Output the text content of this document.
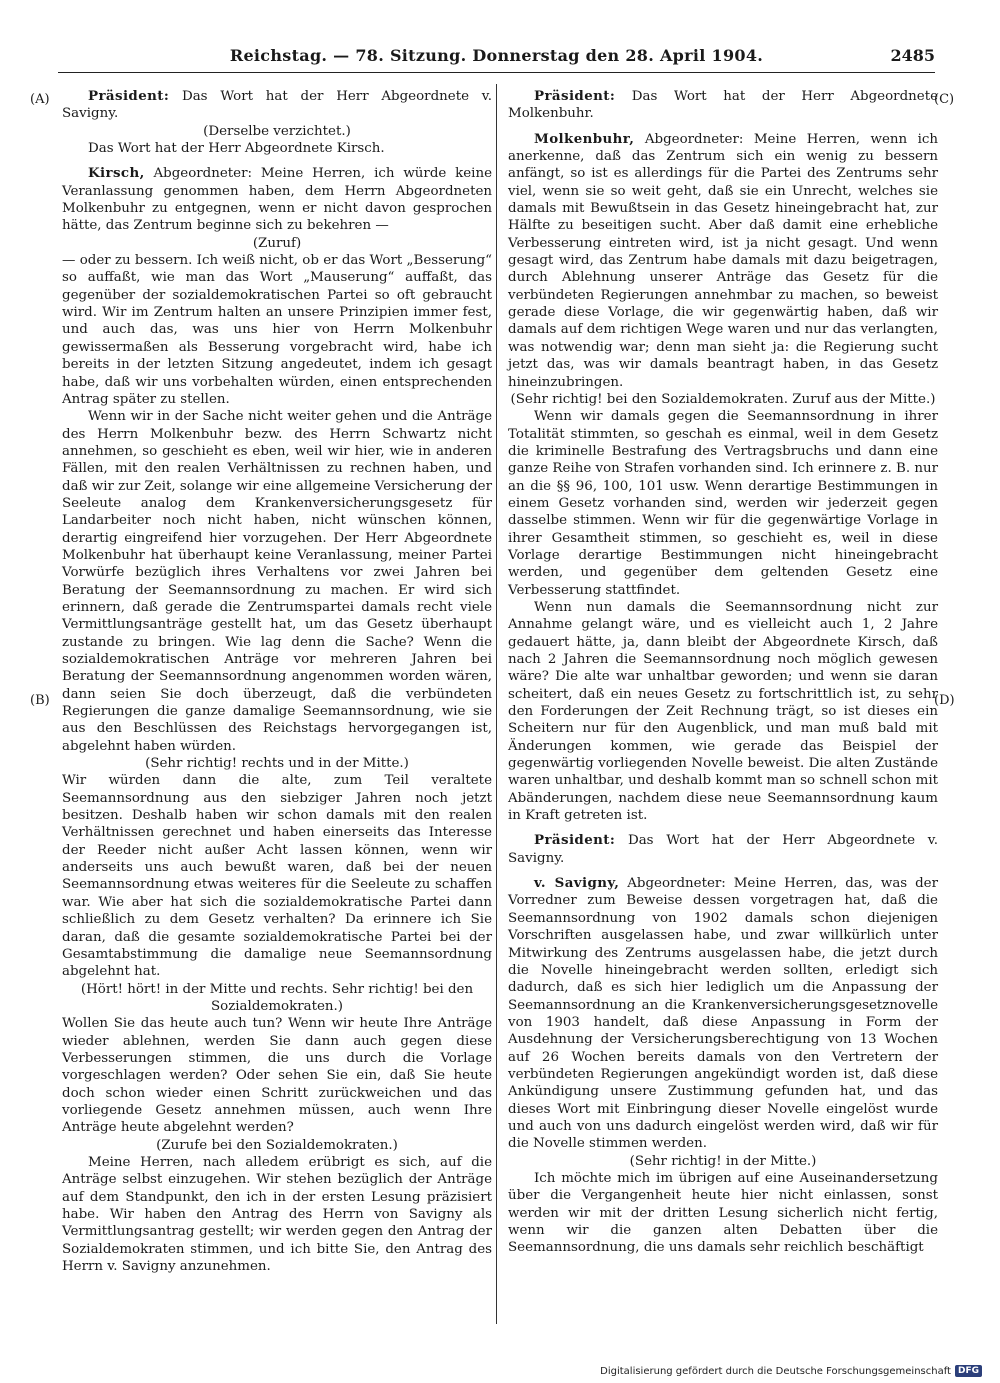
Reichstag. — 78. Sitzung. Donnerstag den 28. April 1904.	2485
(A)
(B)
(C)
(D)

Präsident: Das Wort hat der Herr Abgeordnete v. Savigny.

(Derselbe verzichtet.)

Das Wort hat der Herr Abgeordnete Kirsch.

Kirsch, Abgeordneter: Meine Herren, ich würde keine Veranlassung genommen haben, dem Herrn Abgeordneten Molkenbuhr zu entgegnen, wenn er nicht davon gesprochen hätte, das Zentrum beginne sich zu bekehren —

(Zuruf)

— oder zu bessern. Ich weiß nicht, ob er das Wort „Besserung“ so auffaßt, wie man das Wort „Mauserung“ auffaßt, das gegenüber der sozialdemokratischen Partei so oft gebraucht wird. Wir im Zentrum halten an unsere Prinzipien immer fest, und auch das, was uns hier von Herrn Molkenbuhr gewissermaßen als Besserung vorgebracht wird, habe ich bereits in der letzten Sitzung angedeutet, indem ich gesagt habe, daß wir uns vorbehalten würden, einen entsprechenden Antrag später zu stellen.

Wenn wir in der Sache nicht weiter gehen und die Anträge des Herrn Molkenbuhr bezw. des Herrn Schwartz nicht annehmen, so geschieht es eben, weil wir hier, wie in anderen Fällen, mit den realen Verhältnissen zu rechnen haben, und daß wir zur Zeit, solange wir eine allgemeine Versicherung der Seeleute analog dem Krankenversicherungsgesetz für Landarbeiter noch nicht haben, nicht wünschen können, derartig eingreifend hier vorzugehen. Der Herr Abgeordnete Molkenbuhr hat überhaupt keine Veranlassung, meiner Partei Vorwürfe bezüglich ihres Verhaltens vor zwei Jahren bei Beratung der Seemannsordnung zu machen. Er wird sich erinnern, daß gerade die Zentrumspartei damals recht viele Vermittlungsanträge gestellt hat, um das Gesetz überhaupt zustande zu bringen. Wie lag denn die Sache? Wenn die sozialdemokratischen Anträge vor mehreren Jahren bei Beratung der Seemannsordnung angenommen worden wären, dann seien Sie doch überzeugt, daß die verbündeten Regierungen die ganze damalige Seemannsordnung, wie sie aus den Beschlüssen des Reichstags hervorgegangen ist, abgelehnt haben würden.

(Sehr richtig! rechts und in der Mitte.)

Wir würden dann die alte, zum Teil veraltete Seemannsordnung aus den siebziger Jahren noch jetzt besitzen. Deshalb haben wir schon damals mit den realen Verhältnissen gerechnet und haben einerseits das Interesse der Reeder nicht außer Acht lassen können, wenn wir anderseits uns auch bewußt waren, daß bei der neuen Seemannsordnung etwas weiteres für die Seeleute zu schaffen war. Wie aber hat sich die sozialdemokratische Partei dann schließlich zu dem Gesetz verhalten? Da erinnere ich Sie daran, daß die gesamte sozialdemokratische Partei bei der Gesamtabstimmung die damalige neue Seemannsordnung abgelehnt hat.

(Hört! hört! in der Mitte und rechts. Sehr richtig! bei den Sozialdemokraten.)

Wollen Sie das heute auch tun? Wenn wir heute Ihre Anträge wieder ablehnen, werden Sie dann auch gegen diese Verbesserungen stimmen, die uns durch die Vorlage vorgeschlagen werden? Oder sehen Sie ein, daß Sie heute doch schon wieder einen Schritt zurückweichen und das vorliegende Gesetz annehmen müssen, auch wenn Ihre Anträge heute abgelehnt werden?

(Zurufe bei den Sozialdemokraten.)

Meine Herren, nach alledem erübrigt es sich, auf die Anträge selbst einzugehen. Wir stehen bezüglich der Anträge auf dem Standpunkt, den ich in der ersten Lesung präzisiert habe. Wir haben den Antrag des Herrn von Savigny als Vermittlungsantrag gestellt; wir werden gegen den Antrag der Sozialdemokraten stimmen, und ich bitte Sie, den Antrag des Herrn v. Savigny anzunehmen.

Präsident: Das Wort hat der Herr Abgeordnete Molkenbuhr.

Molkenbuhr, Abgeordneter: Meine Herren, wenn ich anerkenne, daß das Zentrum sich ein wenig zu bessern anfängt, so ist es allerdings für die Partei des Zentrums sehr viel, wenn sie so weit geht, daß sie ein Unrecht, welches sie damals mit Bewußtsein in das Gesetz hineingebracht hat, zur Hälfte zu beseitigen sucht. Aber daß damit eine erhebliche Verbesserung eintreten wird, ist ja nicht gesagt. Und wenn gesagt wird, das Zentrum habe damals mit dazu beigetragen, durch Ablehnung unserer Anträge das Gesetz für die verbündeten Regierungen annehmbar zu machen, so beweist gerade diese Vorlage, die wir gegenwärtig haben, daß wir damals auf dem richtigen Wege waren und nur das verlangten, was notwendig war; denn man sieht ja: die Regierung sucht jetzt das, was wir damals beantragt haben, in das Gesetz hineinzubringen.

(Sehr richtig! bei den Sozialdemokraten. Zuruf aus der Mitte.)

Wenn wir damals gegen die Seemannsordnung in ihrer Totalität stimmten, so geschah es einmal, weil in dem Gesetz die kriminelle Bestrafung des Vertragsbruchs und dann eine ganze Reihe von Strafen vorhanden sind. Ich erinnere z. B. nur an die §§ 96, 100, 101 usw. Wenn derartige Bestimmungen in einem Gesetz vorhanden sind, werden wir jederzeit gegen dasselbe stimmen. Wenn wir für die gegenwärtige Vorlage in ihrer Gesamtheit stimmen, so geschieht es, weil in diese Vorlage derartige Bestimmungen nicht hineingebracht werden, und gegenüber dem geltenden Gesetz eine Verbesserung stattfindet.

Wenn nun damals die Seemannsordnung nicht zur Annahme gelangt wäre, und es vielleicht auch 1, 2 Jahre gedauert hätte, ja, dann bleibt der Abgeordnete Kirsch, daß nach 2 Jahren die Seemannsordnung noch möglich gewesen wäre? Die alte war unhaltbar geworden; und wenn sie daran scheitert, daß ein neues Gesetz zu fortschrittlich ist, zu sehr den Forderungen der Zeit Rechnung trägt, so ist dieses ein Scheitern nur für den Augenblick, und man muß bald mit Änderungen kommen, wie gerade das Beispiel der gegenwärtig vorliegenden Novelle beweist. Die alten Zustände waren unhaltbar, und deshalb kommt man so schnell schon mit Abänderungen, nachdem diese neue Seemannsordnung kaum in Kraft getreten ist.

Präsident: Das Wort hat der Herr Abgeordnete v. Savigny.

v. Savigny, Abgeordneter: Meine Herren, das, was der Vorredner zum Beweise dessen vorgetragen hat, daß die Seemannsordnung von 1902 damals schon diejenigen Vorschriften ausgelassen habe, und zwar willkürlich unter Mitwirkung des Zentrums ausgelassen habe, die jetzt durch die Novelle hineingebracht werden sollten, erledigt sich dadurch, daß es sich hier lediglich um die Anpassung der Seemannsordnung an die Krankenversicherungsgesetznovelle von 1903 handelt, daß diese Anpassung in Form der Ausdehnung der Versicherungsberechtigung von 13 Wochen auf 26 Wochen bereits damals von den Vertretern der verbündeten Regierungen angekündigt worden ist, daß diese Ankündigung unsere Zustimmung gefunden hat, und das dieses Wort mit Einbringung dieser Novelle eingelöst wurde und auch von uns dadurch eingelöst werden wird, daß wir für die Novelle stimmen werden.

(Sehr richtig! in der Mitte.)

Ich möchte mich im übrigen auf eine Auseinandersetzung über die Vergangenheit heute hier nicht einlassen, sonst werden wir mit der dritten Lesung sicherlich nicht fertig, wenn wir die ganzen alten Debatten über die Seemannsordnung, die uns damals sehr reichlich beschäftigt

Digitalisierung gefördert durch die Deutsche Forschungsgemeinschaft DFG
